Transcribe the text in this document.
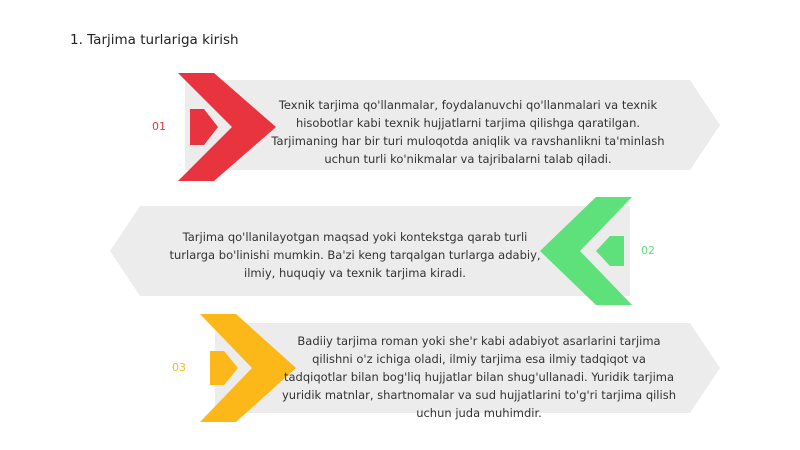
1. Tarjima turlariga kirish
01
02
03
Texnik tarjima qo'llanmalar, foydalanuvchi qo'llanmalari va texnik hisobotlar kabi texnik hujjatlarni tarjima qilishga qaratilgan. Tarjimaning har bir turi muloqotda aniqlik va ravshanlikni ta'minlash uchun turli ko'nikmalar va tajribalarni talab qiladi.
Tarjima qo'llanilayotgan maqsad yoki kontekstga qarab turli turlarga bo'linishi mumkin. Ba'zi keng tarqalgan turlarga adabiy, ilmiy, huquqiy va texnik tarjima kiradi.
Badiiy tarjima roman yoki she'r kabi adabiyot asarlarini tarjima qilishni o'z ichiga oladi, ilmiy tarjima esa ilmiy tadqiqot va tadqiqotlar bilan bog'liq hujjatlar bilan shug'ullanadi. Yuridik tarjima yuridik matnlar, shartnomalar va sud hujjatlarini to'g'ri tarjima qilish uchun juda muhimdir.
